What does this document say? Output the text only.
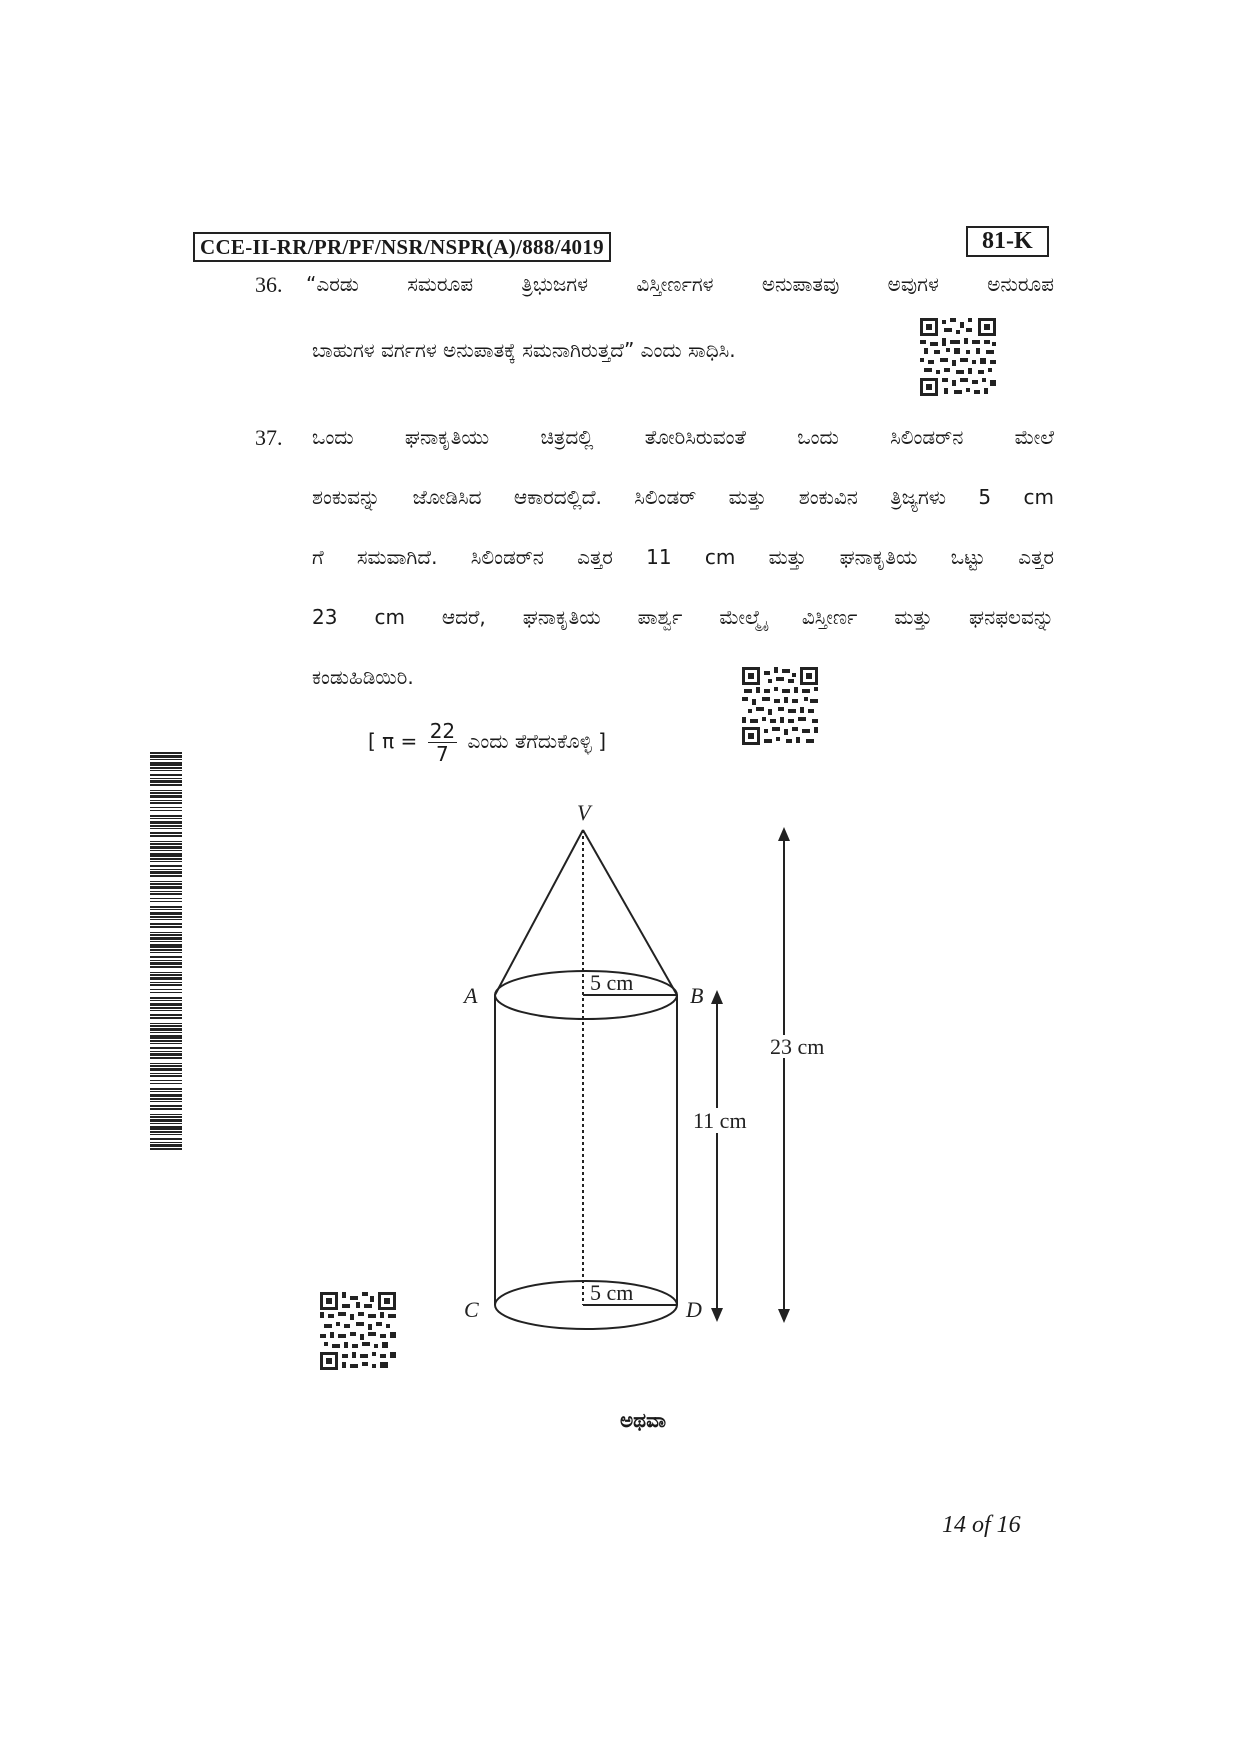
CCE-II-RR/PR/PF/NSR/NSPR(A)/888/4019	81-K
36. “ಎರಡು ಸಮರೂಪ ತ್ರಿಭುಜಗಳ ವಿಸ್ತೀರ್ಣಗಳ ಅನುಪಾತವು ಅವುಗಳ ಅನುರೂಪ
ಬಾಹುಗಳ ವರ್ಗಗಳ ಅನುಪಾತಕ್ಕೆ ಸಮನಾಗಿರುತ್ತದೆ” ಎಂದು ಸಾಧಿಸಿ.
37. ಒಂದು ಘನಾಕೃತಿಯು ಚಿತ್ರದಲ್ಲಿ ತೋರಿಸಿರುವಂತೆ ಒಂದು ಸಿಲಿಂಡರ್‌ನ ಮೇಲೆ
ಶಂಕುವನ್ನು ಜೋಡಿಸಿದ ಆಕಾರದಲ್ಲಿದೆ. ಸಿಲಿಂಡರ್ ಮತ್ತು ಶಂಕುವಿನ ತ್ರಿಜ್ಯಗಳು 5 cm
ಗೆ ಸಮವಾಗಿದೆ. ಸಿಲಿಂಡರ್‌ನ ಎತ್ತರ 11 cm ಮತ್ತು ಘನಾಕೃತಿಯ ಒಟ್ಟು ಎತ್ತರ
23 cm ಆದರೆ, ಘನಾಕೃತಿಯ ಪಾರ್ಶ್ವ ಮೇಲ್ಮೈ ವಿಸ್ತೀರ್ಣ ಮತ್ತು ಘನಫಲವನ್ನು
ಕಂಡುಹಿಡಿಯಿರಿ.
[ $\pi = \frac{22}{7}$ ಎಂದು ತೆಗೆದುಕೊಳ್ಳಿ ]
5 cm
5 cm
V
A	B
C	D
11 cm
23 cm
ಅಥವಾ
14 of 16
